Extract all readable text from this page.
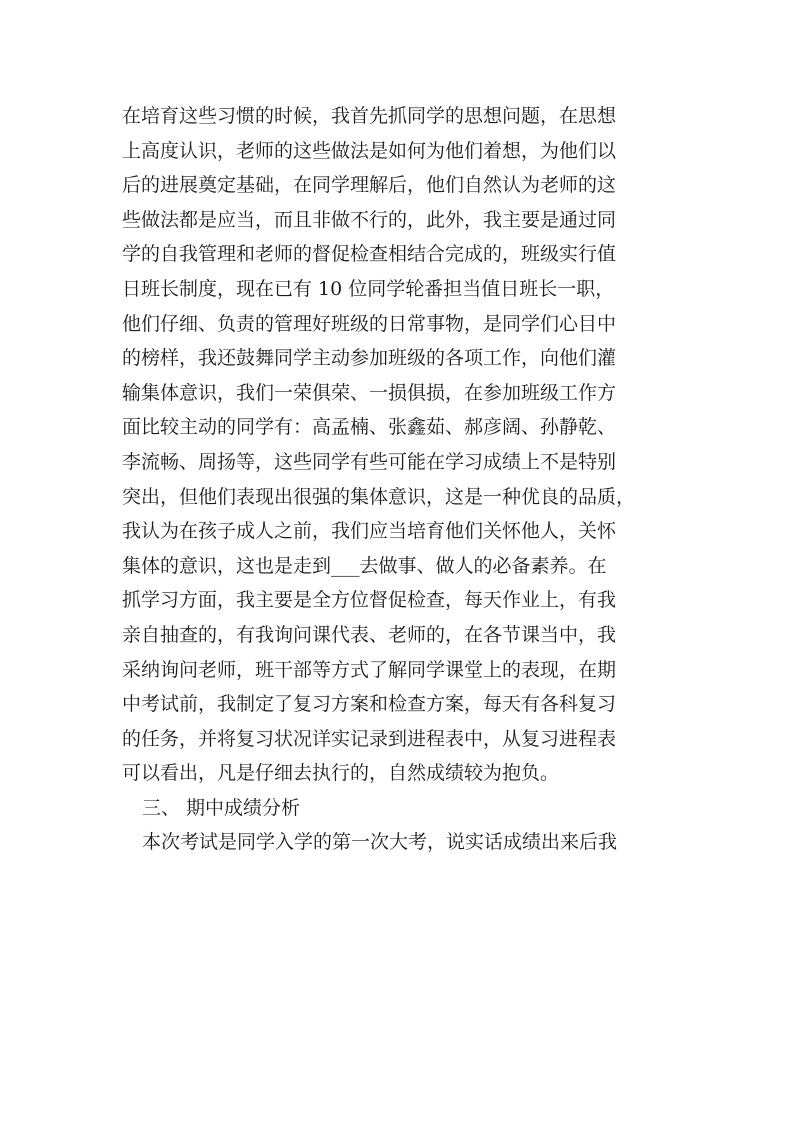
在培育这些习惯的时候，我首先抓同学的思想问题，在思想
上高度认识，老师的这些做法是如何为他们着想，为他们以
后的进展奠定基础，在同学理解后，他们自然认为老师的这
些做法都是应当，而且非做不行的，此外，我主要是通过同
学的自我管理和老师的督促检查相结合完成的，班级实行值
日班长制度，现在已有 10 位同学轮番担当值日班长一职，
他们仔细、负责的管理好班级的日常事物，是同学们心目中
的榜样，我还鼓舞同学主动参加班级的各项工作，向他们灌
输集体意识，我们一荣俱荣、一损俱损，在参加班级工作方
面比较主动的同学有：高孟楠、张鑫茹、郝彦阔、孙静乾、
李流畅、周扬等，这些同学有些可能在学习成绩上不是特别
突出，但他们表现出很强的集体意识，这是一种优良的品质，
我认为在孩子成人之前，我们应当培育他们关怀他人，关怀
集体的意识，这也是走到___去做事、做人的必备素养。在
抓学习方面，我主要是全方位督促检查，每天作业上，有我
亲自抽查的，有我询问课代表、老师的，在各节课当中，我
采纳询问老师，班干部等方式了解同学课堂上的表现，在期
中考试前，我制定了复习方案和检查方案，每天有各科复习
的任务，并将复习状况详实记录到进程表中，从复习进程表
可以看出，凡是仔细去执行的，自然成绩较为抱负。
三、 期中成绩分析
本次考试是同学入学的第一次大考，说实话成绩出来后我
